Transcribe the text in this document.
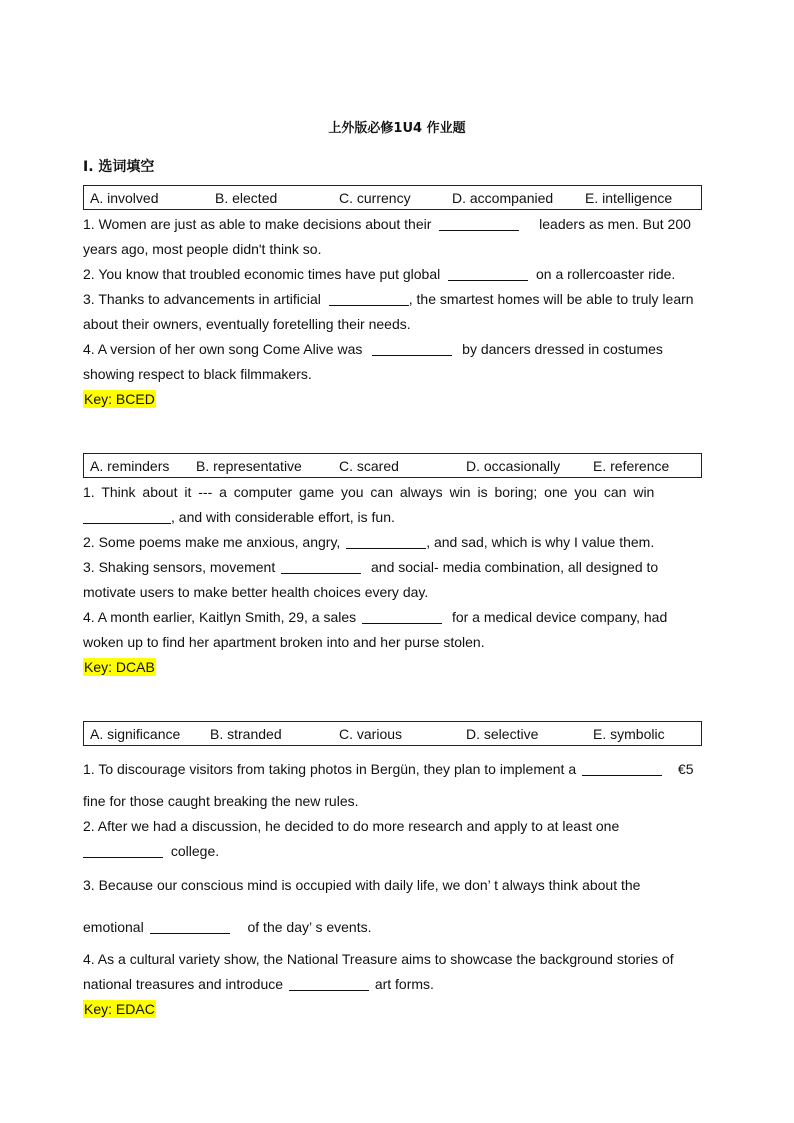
上外版必修1U4 作业题
I. 选词填空
A. involved	B. elected	C. currency	D. accompanied E. intelligence
1. Women are just as able to make decisions about their	leaders as men. But 200
years ago, most people didn't think so.
2. You know that troubled economic times have put global	on a rollercoaster ride.
3. Thanks to advancements in artificial	, the smartest homes will be able to truly learn
about their owners, eventually foretelling their needs.
4. A version of her own song Come Alive was	by dancers dressed in costumes
showing respect to black filmmakers.
Key: BCED
A. reminders B. representative	C. scared	D. occasionally E. reference
1. Think about it --- a computer game you can always win is boring; one you can win
, and with considerable effort, is fun.
2. Some poems make me anxious, angry,	, and sad, which is why I value them.
3. Shaking sensors, movement	and social- media combination, all designed to
motivate users to make better health choices every day.
4. A month earlier, Kaitlyn Smith, 29, a sales	for a medical device company, had
woken up to find her apartment broken into and her purse stolen.
Key: DCAB
A. significance B. stranded	C. various	D. selective	E. symbolic
1. To discourage visitors from taking photos in Bergün, they plan to implement a	€5
fine for those caught breaking the new rules.
2. After we had a discussion, he decided to do more research and apply to at least one
college.
3. Because our conscious mind is occupied with daily life, we don’ t always think about the
emotional	of the day’ s events.
4. As a cultural variety show, the National Treasure aims to showcase the background stories of
national treasures and introduce	art forms.
Key: EDAC
